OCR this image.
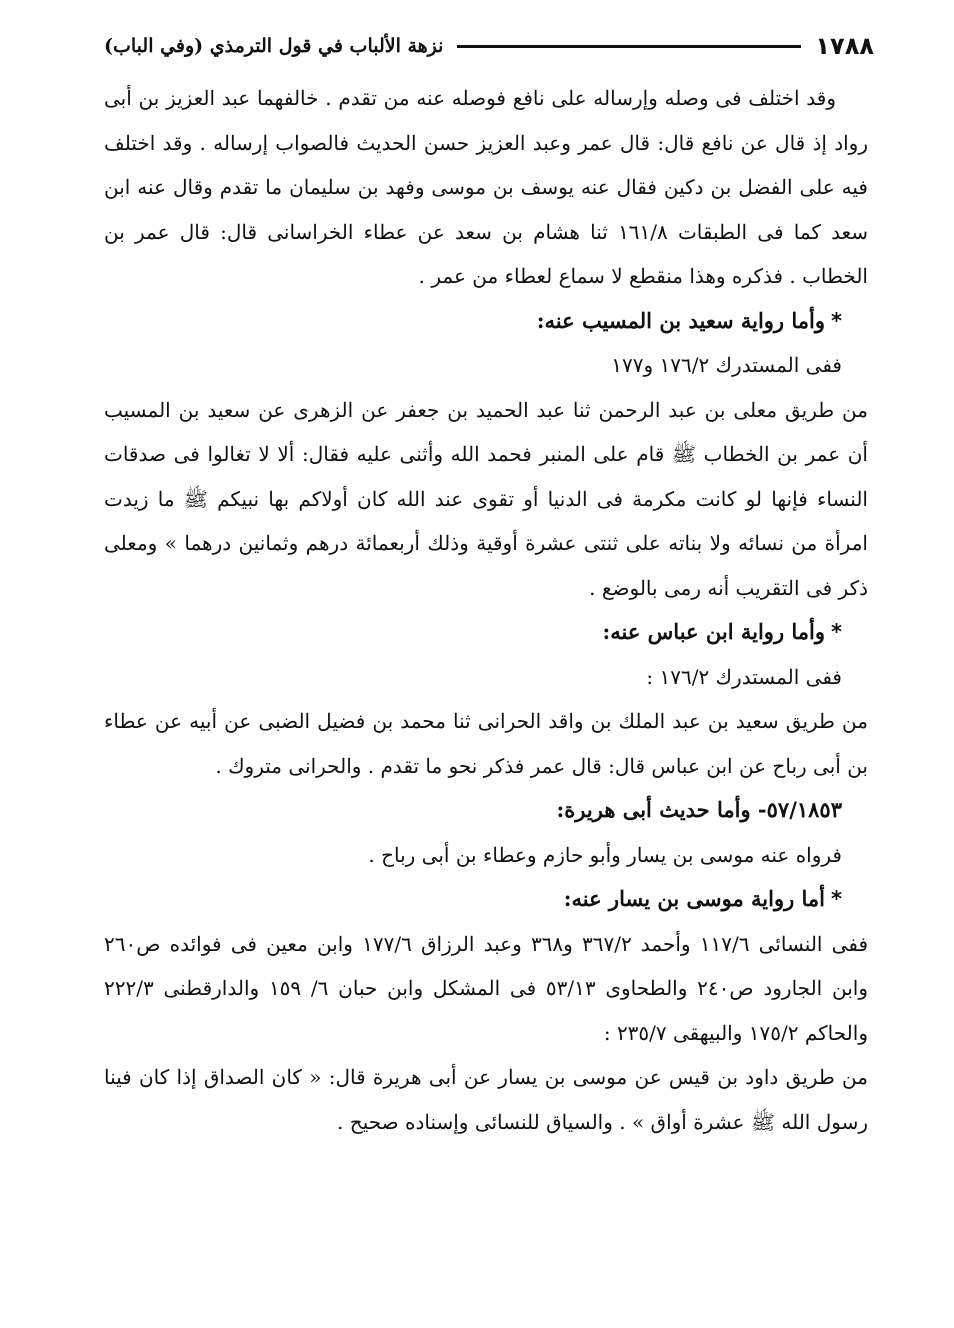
١٧٨٨
نزهة الألباب في قول الترمذي (وفي الباب)

وقد اختلف فى وصله وإرساله على نافع فوصله عنه من تقدم . خالفهما عبد العزيز بن أبى رواد إذ قال عن نافع قال: قال عمر وعبد العزيز حسن الحديث فالصواب إرساله . وقد اختلف فيه على الفضل بن دكين فقال عنه يوسف بن موسى وفهد بن سليمان ما تقدم وقال عنه ابن سعد كما فى الطبقات ١٦١/٨ ثنا هشام بن سعد عن عطاء الخراسانى قال: قال عمر بن الخطاب . فذكره وهذا منقطع لا سماع لعطاء من عمر .

*وأما رواية سعيد بن المسيب عنه:

ففى المستدرك ١٧٦/٢ و١٧٧

من طريق معلى بن عبد الرحمن ثنا عبد الحميد بن جعفر عن الزهرى عن سعيد بن المسيب أن عمر بن الخطاب ﷺ قام على المنبر فحمد الله وأثنى عليه فقال: ألا لا تغالوا فى صدقات النساء فإنها لو كانت مكرمة فى الدنيا أو تقوى عند الله كان أولاكم بها نبيكم ﷺ ما زيدت امرأة من نسائه ولا بناته على ثنتى عشرة أوقية وذلك أربعمائة درهم وثمانين درهما » ومعلى ذكر فى التقريب أنه رمى بالوضع .

*وأما رواية ابن عباس عنه:

ففى المستدرك ١٧٦/٢ :

من طريق سعيد بن عبد الملك بن واقد الحرانى ثنا محمد بن فضيل الضبى عن أبيه عن عطاء بن أبى رباح عن ابن عباس قال: قال عمر فذكر نحو ما تقدم . والحرانى متروك .

٥٧/١٨٥٣- وأما حديث أبى هريرة:

فرواه عنه موسى بن يسار وأبو حازم وعطاء بن أبى رباح .

*أما رواية موسى بن يسار عنه:

ففى النسائى ١١٧/٦ وأحمد ٣٦٧/٢ و٣٦٨ وعبد الرزاق ١٧٧/٦ وابن معين فى فوائده ص٢٦٠ وابن الجارود ص٢٤٠ والطحاوى ٥٣/١٣ فى المشكل وابن حبان ٦/ ١٥٩ والدارقطنى ٢٢٢/٣ والحاكم ١٧٥/٢ والبيهقى ٢٣٥/٧ :

من طريق داود بن قيس عن موسى بن يسار عن أبى هريرة قال: « كان الصداق إذا كان فينا رسول الله ﷺ عشرة أواق » . والسياق للنسائى وإسناده صحيح .
